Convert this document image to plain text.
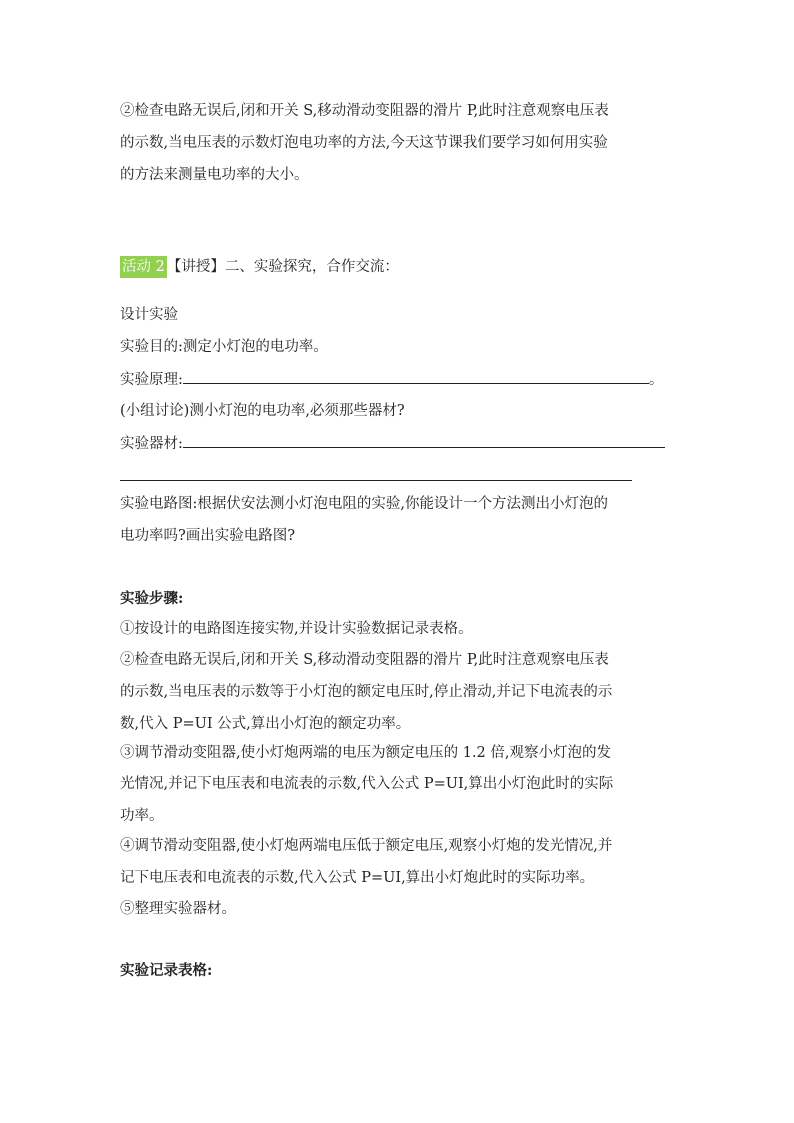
②检查电路无误后,闭和开关 S,移动滑动变阻器的滑片 P,此时注意观察电压表
的示数,当电压表的示数灯泡电功率的方法,今天这节课我们要学习如何用实验
的方法来测量电功率的大小。
活动 2 【讲授】二、实验探究，合作交流：
设计实验
实验目的:测定小灯泡的电功率。
实验原理:	。
(小组讨论)测小灯泡的电功率,必须那些器材?
实验器材:
实验电路图:根据伏安法测小灯泡电阻的实验,你能设计一个方法测出小灯泡的
电功率吗?画出实验电路图?
实验步骤:
①按设计的电路图连接实物,并设计实验数据记录表格。
②检查电路无误后,闭和开关 S,移动滑动变阻器的滑片 P,此时注意观察电压表
的示数,当电压表的示数等于小灯泡的额定电压时,停止滑动,并记下电流表的示
数,代入 P=UI 公式,算出小灯泡的额定功率。
③调节滑动变阻器,使小灯炮两端的电压为额定电压的 1.2 倍,观察小灯泡的发
光情况,并记下电压表和电流表的示数,代入公式 P=UI,算出小灯泡此时的实际
功率。
④调节滑动变阻器,使小灯炮两端电压低于额定电压,观察小灯炮的发光情况,并
记下电压表和电流表的示数,代入公式 P=UI,算出小灯炮此时的实际功率。
⑤整理实验器材。
实验记录表格:
